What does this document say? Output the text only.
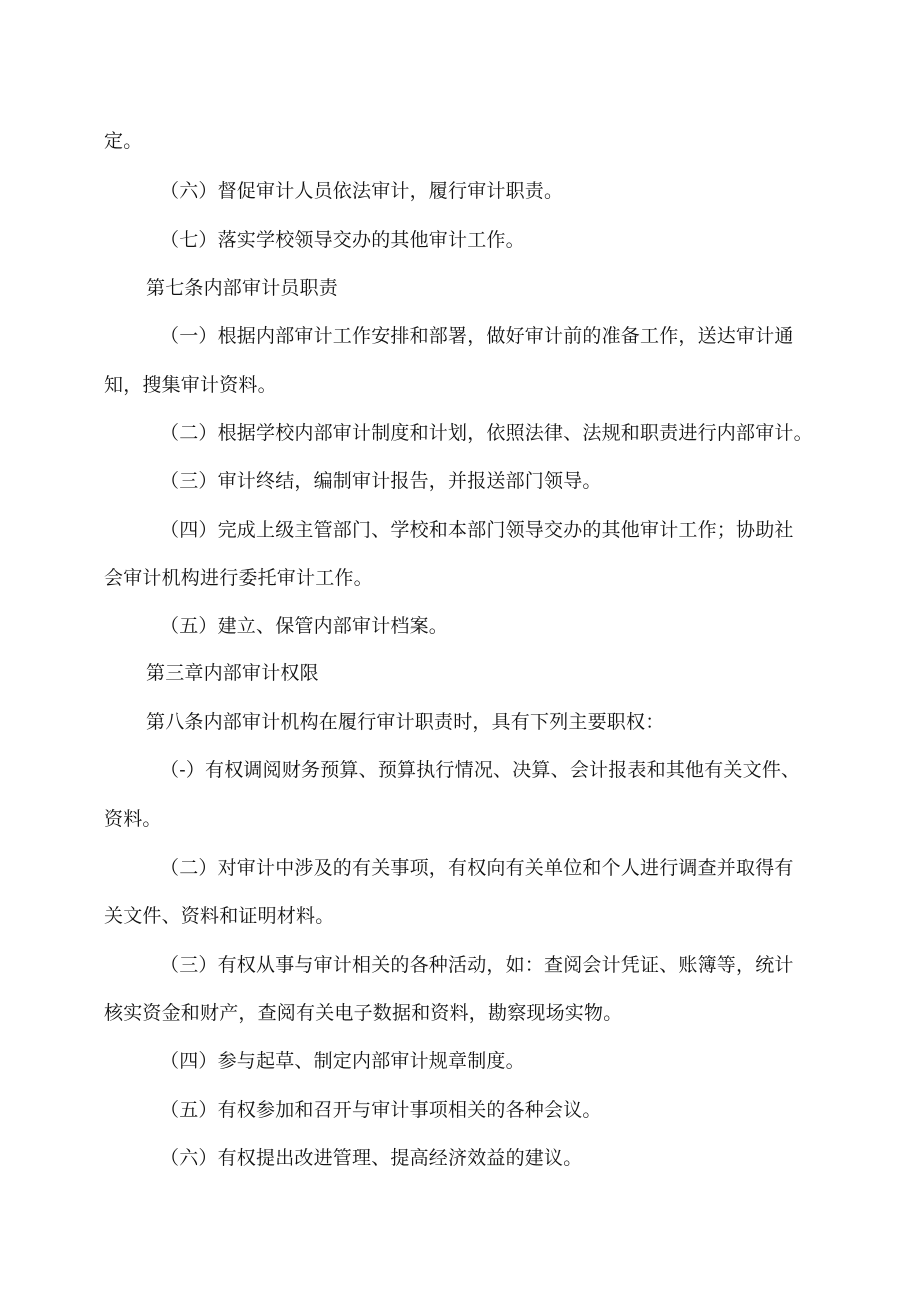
定。
（六）督促审计人员依法审计，履行审计职责。
（七）落实学校领导交办的其他审计工作。
第七条内部审计员职责
（一）根据内部审计工作安排和部署，做好审计前的准备工作，送达审计通
知，搜集审计资料。
（二）根据学校内部审计制度和计划，依照法律、法规和职责进行内部审计。
（三）审计终结，编制审计报告，并报送部门领导。
（四）完成上级主管部门、学校和本部门领导交办的其他审计工作；协助社
会审计机构进行委托审计工作。
（五）建立、保管内部审计档案。
第三章内部审计权限
第八条内部审计机构在履行审计职责时，具有下列主要职权：
（-）有权调阅财务预算、预算执行情况、决算、会计报表和其他有关文件、
资料。
（二）对审计中涉及的有关事项，有权向有关单位和个人进行调查并取得有
关文件、资料和证明材料。
（三）有权从事与审计相关的各种活动，如：查阅会计凭证、账簿等，统计
核实资金和财产，查阅有关电子数据和资料，勘察现场实物。
（四）参与起草、制定内部审计规章制度。
（五）有权参加和召开与审计事项相关的各种会议。
（六）有权提出改进管理、提高经济效益的建议。
